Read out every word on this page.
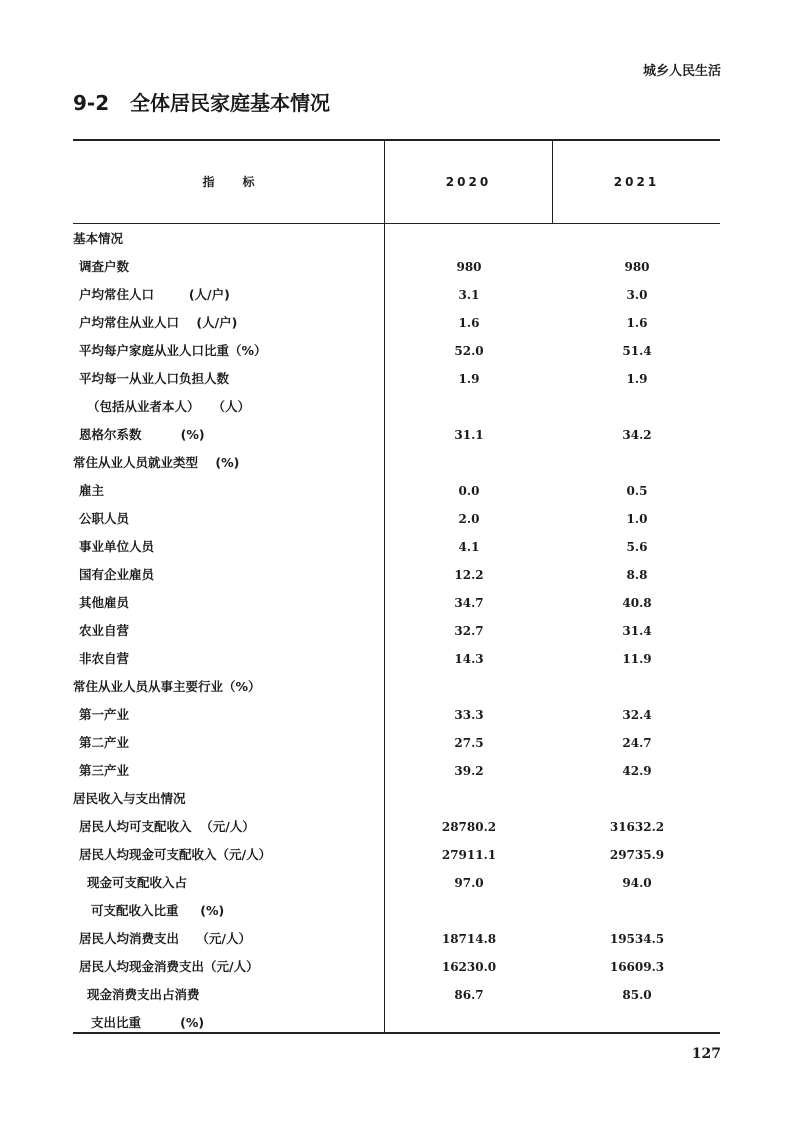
城乡人民生活
9-2   全体居民家庭基本情况
指标	2020	2021
基本情况
调查户数	980	980
户均常住人口        (人/户)	3.1	3.0
户均常住从业人口    (人/户)	1.6	1.6
平均每户家庭从业人口比重（%）	52.0	51.4
平均每一从业人口负担人数	1.9	1.9
（包括从业者本人）   （人）
恩格尔系数         (%)	31.1	34.2
常住从业人员就业类型    (%)
雇主	0.0	0.5
公职人员	2.0	1.0
事业单位人员	4.1	5.6
国有企业雇员	12.2	8.8
其他雇员	34.7	40.8
农业自营	32.7	31.4
非农自营	14.3	11.9
常住从业人员从事主要行业（%）
第一产业	33.3	32.4
第二产业	27.5	24.7
第三产业	39.2	42.9
居民收入与支出情况
居民人均可支配收入  （元/人）	28780.2	31632.2
居民人均现金可支配收入（元/人）	27911.1	29735.9
现金可支配收入占	97.0	94.0
可支配收入比重     (%)
居民人均消费支出    （元/人）	18714.8	19534.5
居民人均现金消费支出（元/人）	16230.0	16609.3
现金消费支出占消费	86.7	85.0
支出比重         (%)
127
